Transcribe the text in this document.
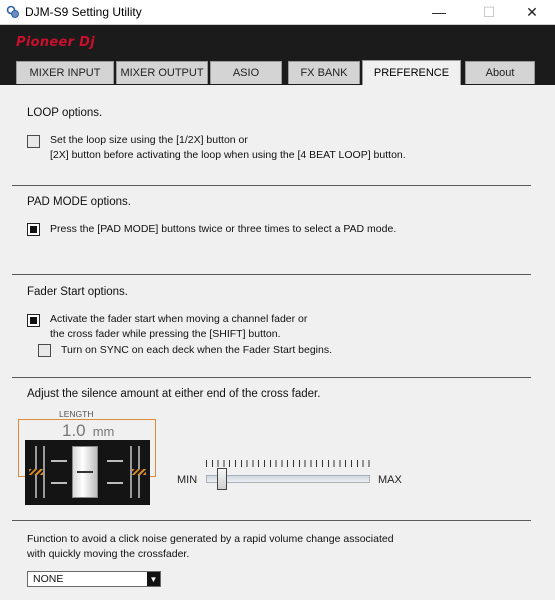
DJM-S9 Setting Utility	—	☐	✕
Pioneer Dj
MIXER INPUT	MIXER OUTPUT	ASIO	FX BANK	PREFERENCE	About
LOOP options.
Set the loop size using the [1/2X] button or
[2X] button before activating the loop when using the [4 BEAT LOOP] button.
PAD MODE options.
Press the [PAD MODE] buttons twice or three times to select a PAD mode.
Fader Start options.
Activate the fader start when moving a channel fader or
the cross fader while pressing the [SHIFT] button.
Turn on SYNC on each deck when the Fader Start begins.
Adjust the silence amount at either end of the cross fader.
LENGTH
1.0 mm
MIN	MAX
Function to avoid a click noise generated by a rapid volume change associated
with quickly moving the crossfader.
NONE	▼
